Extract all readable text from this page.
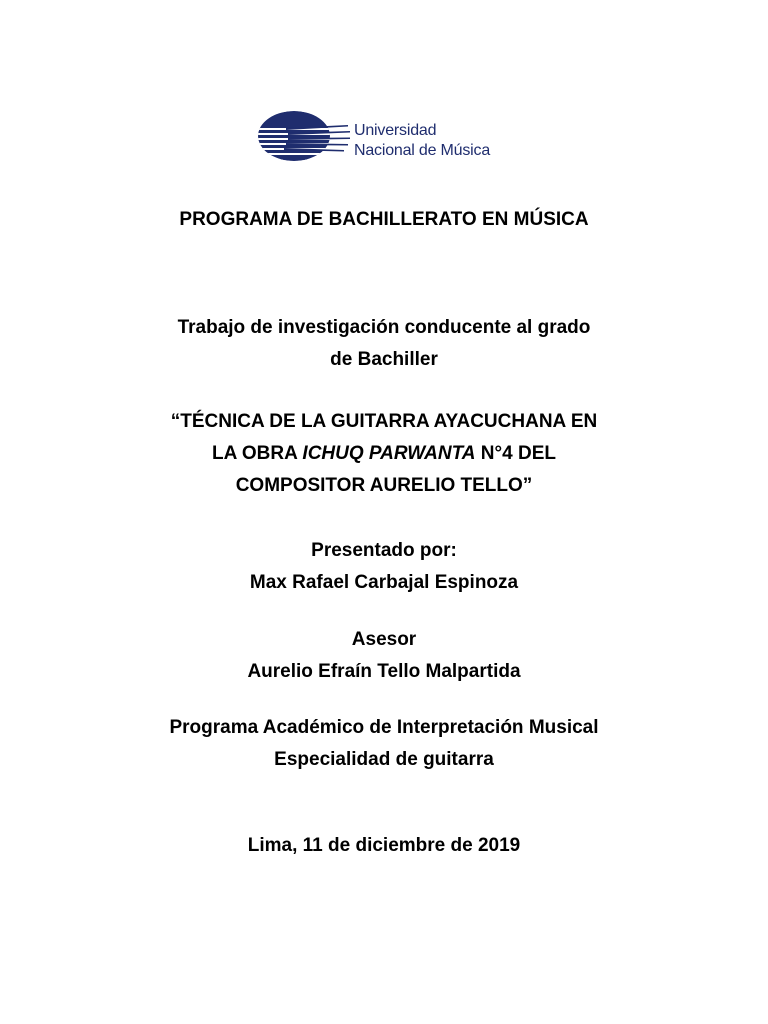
Universidad
Nacional de Música
PROGRAMA DE BACHILLERATO EN MÚSICA
Trabajo de investigación conducente al grado
de Bachiller
“TÉCNICA DE LA GUITARRA AYACUCHANA EN
LA OBRA ICHUQ PARWANTA N°4 DEL
COMPOSITOR AURELIO TELLO”
Presentado por:
Max Rafael Carbajal Espinoza
Asesor
Aurelio Efraín Tello Malpartida
Programa Académico de Interpretación Musical
Especialidad de guitarra
Lima, 11 de diciembre de 2019
